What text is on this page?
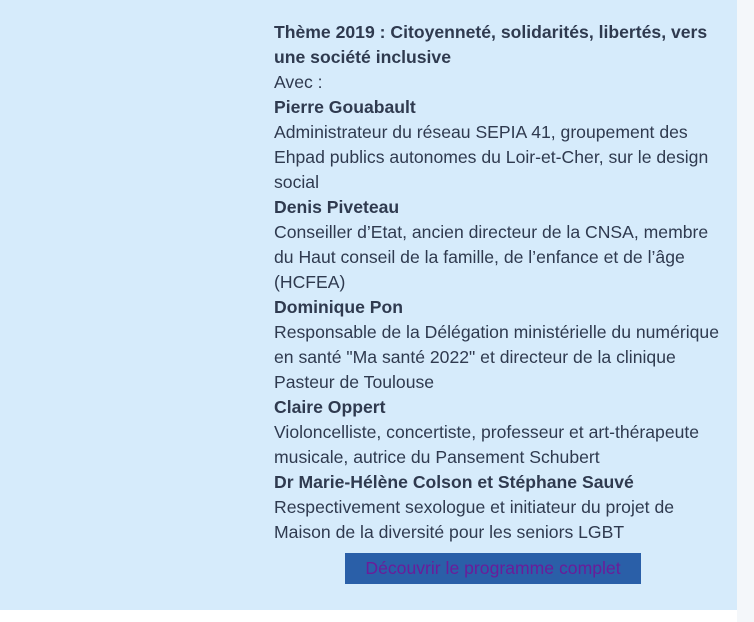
Thème 2019 : Citoyenneté, solidarités, libertés, vers une société inclusive
Avec :
Pierre Gouabault
Administrateur du réseau SEPIA 41, groupement des Ehpad publics autonomes du Loir-et-Cher, sur le design social
Denis Piveteau
Conseiller d’Etat, ancien directeur de la CNSA, membre du Haut conseil de la famille, de l’enfance et de l’âge (HCFEA)
Dominique Pon
Responsable de la Délégation ministérielle du numérique en santé "Ma santé 2022" et directeur de la clinique Pasteur de Toulouse
Claire Oppert
Violoncelliste, concertiste, professeur et art-thérapeute musicale, autrice du Pansement Schubert
Dr Marie-Hélène Colson et Stéphane Sauvé
Respectivement sexologue et initiateur du projet de Maison de la diversité pour les seniors LGBT
Découvrir le programme complet
